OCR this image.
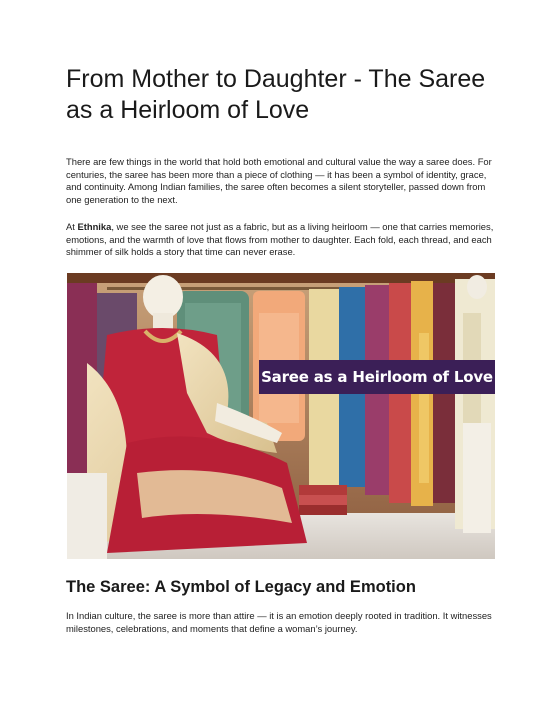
From Mother to Daughter - The Saree as a Heirloom of Love

There are few things in the world that hold both emotional and cultural value the way a saree does. For centuries, the saree has been more than a piece of clothing — it has been a symbol of identity, grace, and continuity. Among Indian families, the saree often becomes a silent storyteller, passed down from one generation to the next.

At Ethnika, we see the saree not just as a fabric, but as a living heirloom — one that carries memories, emotions, and the warmth of love that flows from mother to daughter. Each fold, each thread, and each shimmer of silk holds a story that time can never erase.

Saree as a Heirloom of Love
The Saree: A Symbol of Legacy and Emotion

In Indian culture, the saree is more than attire — it is an emotion deeply rooted in tradition. It witnesses milestones, celebrations, and moments that define a woman’s journey.
